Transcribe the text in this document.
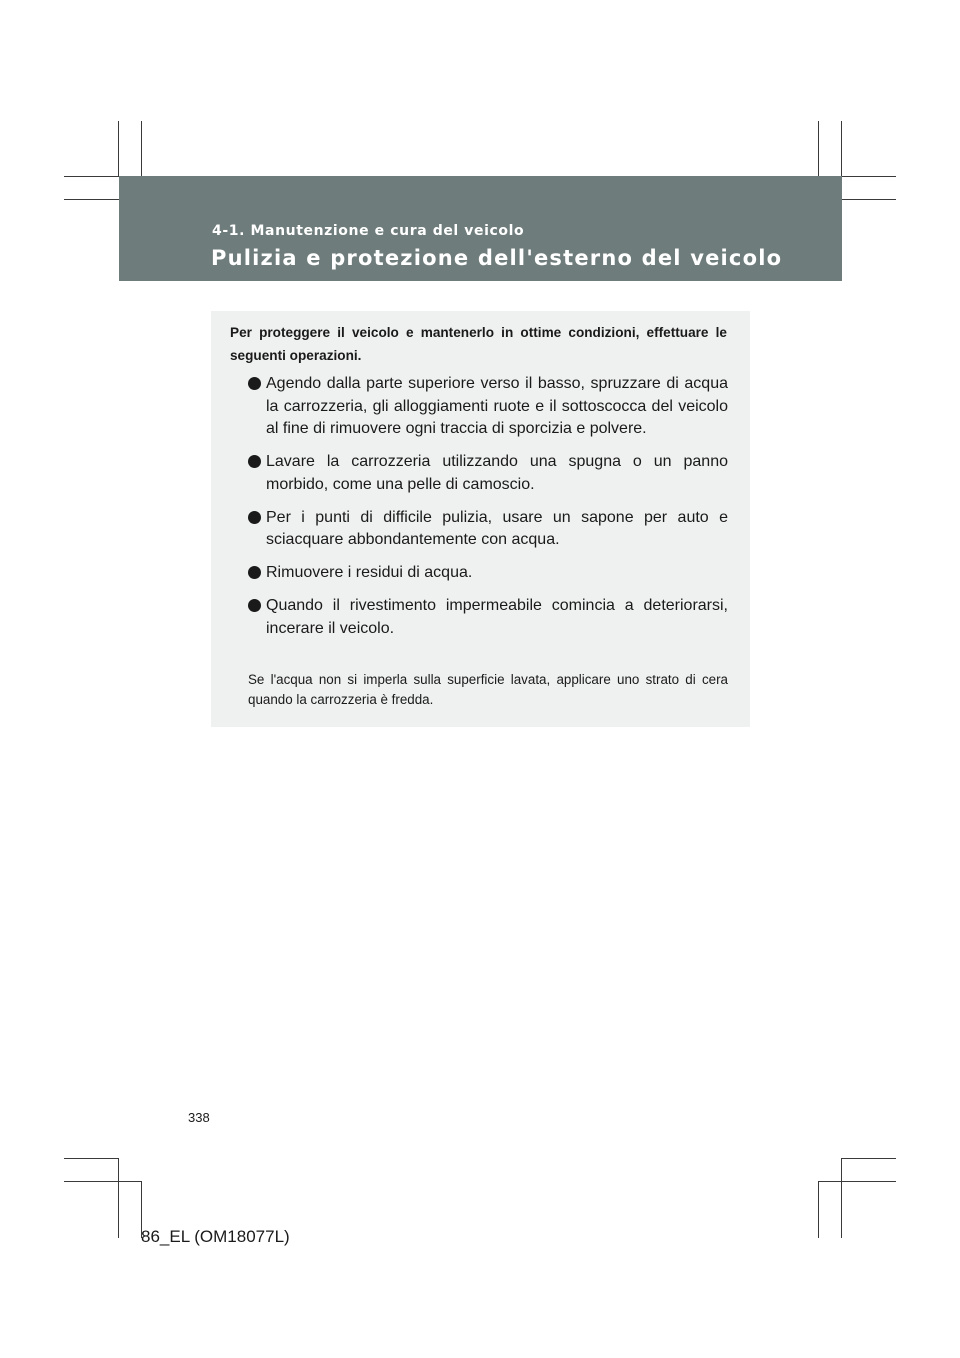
4-1. Manutenzione e cura del veicolo
Pulizia e protezione dell'esterno del veicolo
Per proteggere il veicolo e mantenerlo in ottime condizioni, effettuare le seguenti operazioni.
Agendo dalla parte superiore verso il basso, spruzzare di acqua la carrozzeria, gli alloggiamenti ruote e il sottoscocca del veicolo al fine di rimuovere ogni traccia di sporcizia e polvere.
Lavare la carrozzeria utilizzando una spugna o un panno morbido, come una pelle di camoscio.
Per i punti di difficile pulizia, usare un sapone per auto e sciacquare abbondantemente con acqua.
Rimuovere i residui di acqua.
Quando il rivestimento impermeabile comincia a deteriorarsi, incerare il veicolo.
Se l'acqua non si imperla sulla superficie lavata, applicare uno strato di cera quando la carrozzeria è fredda.
338
86_EL (OM18077L)
